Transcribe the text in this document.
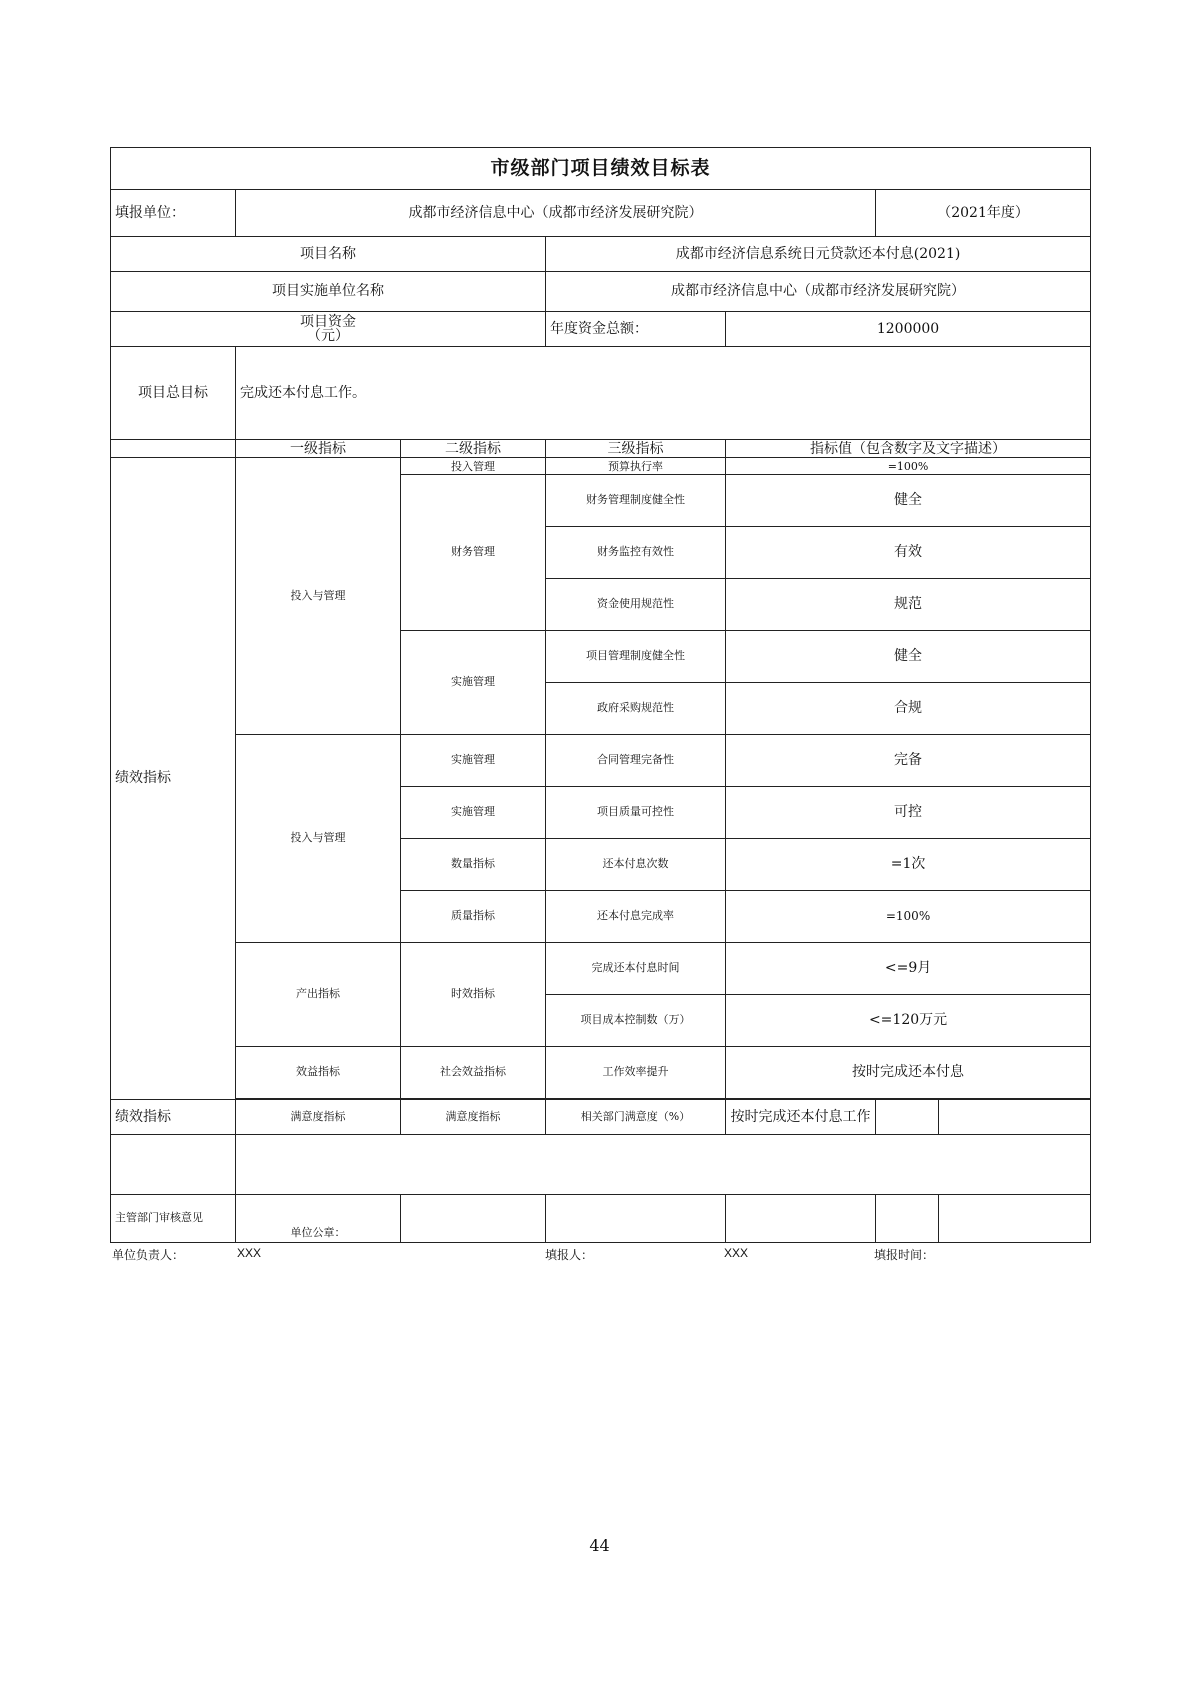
市级部门项目绩效目标表						
填报单位：	成都市经济信息中心（成都市经济发展研究院）				（2021年度）	
项目名称			成都市经济信息系统日元贷款还本付息(2021)			
项目实施单位名称			成都市经济信息中心（成都市经济发展研究院）			

项目资金
（元）			年度资金总额：	1200000		
项目总目标	完成还本付息工作。					
	一级指标	二级指标	三级指标	指标值（包含数字及文字描述）		
绩效指标	投入与管理	投入管理	预算执行率	=100%		
		财务管理	财务管理制度健全性	健全		
			财务监控有效性	有效		
			资金使用规范性	规范		
		实施管理	项目管理制度健全性	健全		
			政府采购规范性	合规		
	投入与管理	实施管理	合同管理完备性	完备		
		实施管理	项目质量可控性	可控		
		数量指标	还本付息次数	=1次		
		质量指标	还本付息完成率	=100%		
	产出指标	时效指标	完成还本付息时间	<=9月		
			项目成本控制数（万）	<=120万元		
	效益指标	社会效益指标	工作效率提升	按时完成还本付息		

绩效指标	满意度指标	满意度指标	相关部门满意度（%）	按时完成还本付息工作		

主管部门审核意见	单位公章：					
单位负责人：	XXX	填报人：	XXX	填报时间：
44
